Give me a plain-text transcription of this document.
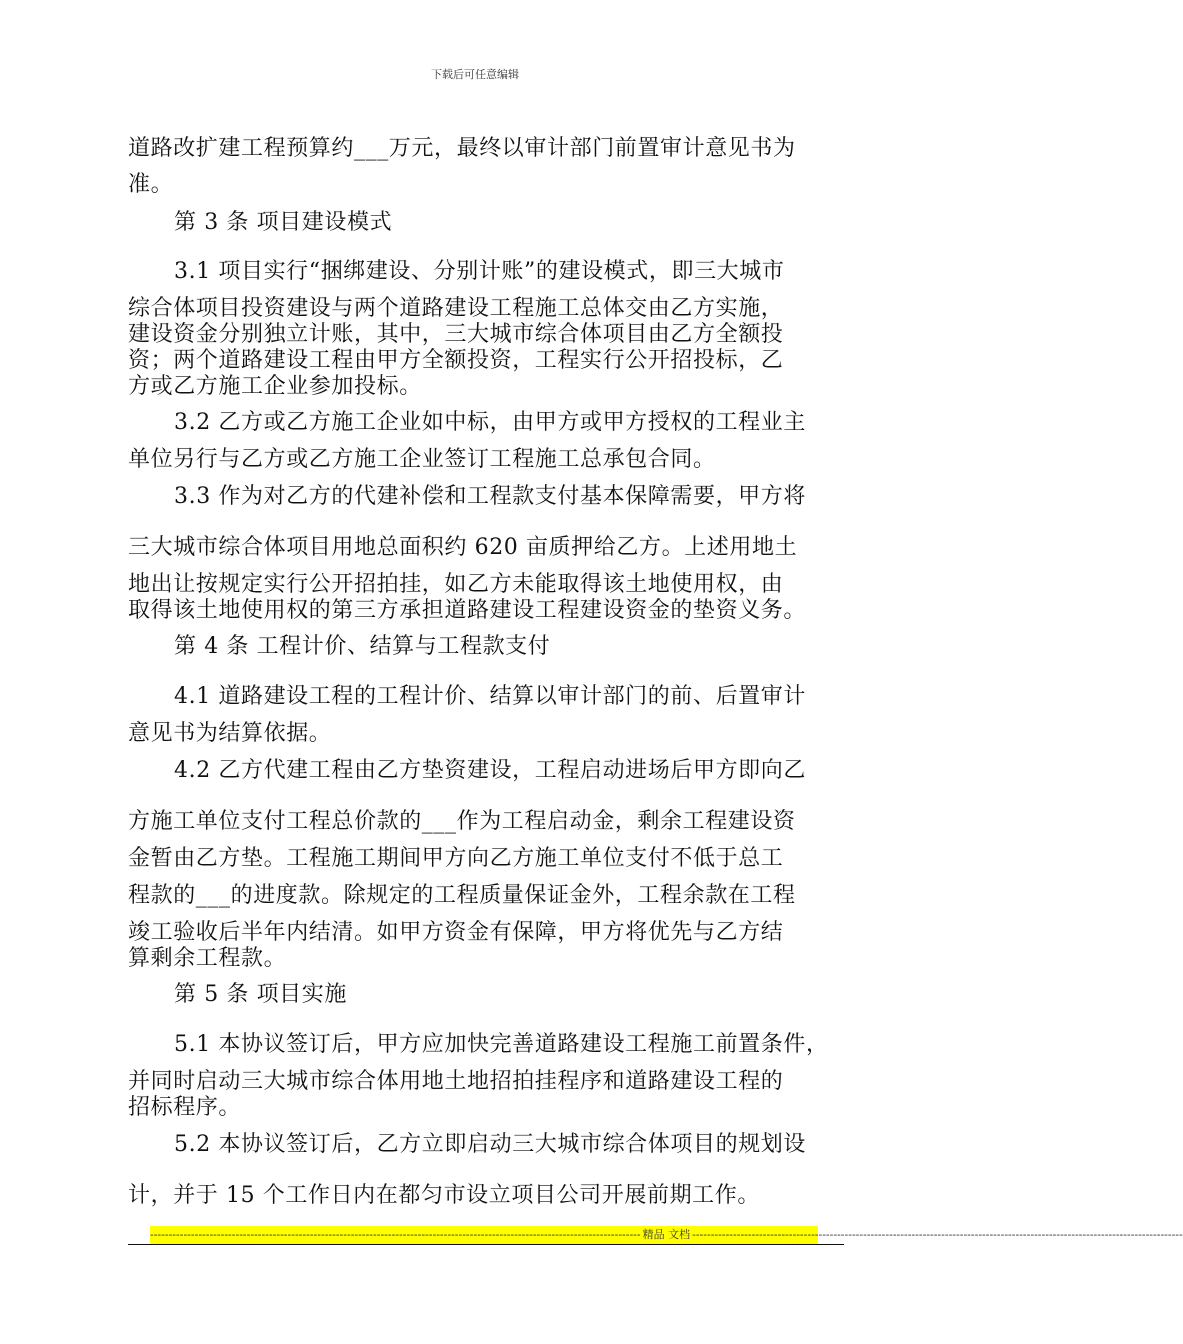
下载后可任意编辑
道路改扩建工程预算约___万元，最终以审计部门前置审计意见书为
准。
第 3 条 项目建设模式
3.1 项目实行“捆绑建设、分别计账”的建设模式，即三大城市
综合体项目投资建设与两个道路建设工程施工总体交由乙方实施，
建设资金分别独立计账，其中，三大城市综合体项目由乙方全额投
资；两个道路建设工程由甲方全额投资，工程实行公开招投标，乙
方或乙方施工企业参加投标。
3.2 乙方或乙方施工企业如中标，由甲方或甲方授权的工程业主
单位另行与乙方或乙方施工企业签订工程施工总承包合同。
3.3 作为对乙方的代建补偿和工程款支付基本保障需要，甲方将
三大城市综合体项目用地总面积约 620 亩质押给乙方。上述用地土
地出让按规定实行公开招拍挂，如乙方未能取得该土地使用权，由
取得该土地使用权的第三方承担道路建设工程建设资金的垫资义务。
第 4 条 工程计价、结算与工程款支付
4.1 道路建设工程的工程计价、结算以审计部门的前、后置审计
意见书为结算依据。
4.2 乙方代建工程由乙方垫资建设，工程启动进场后甲方即向乙
方施工单位支付工程总价款的___作为工程启动金，剩余工程建设资
金暂由乙方垫。工程施工期间甲方向乙方施工单位支付不低于总工
程款的___的进度款。除规定的工程质量保证金外，工程余款在工程
竣工验收后半年内结清。如甲方资金有保障，甲方将优先与乙方结
算剩余工程款。
第 5 条 项目实施
5.1 本协议签订后，甲方应加快完善道路建设工程施工前置条件，
并同时启动三大城市综合体用地土地招拍挂程序和道路建设工程的
招标程序。
5.2 本协议签订后，乙方立即启动三大城市综合体项目的规划设
计，并于 15 个工作日内在都匀市设立项目公司开展前期工作。
------------------------------------------------------------------------------------------------------------------------------------ 精品 文档 ------------------------------------------------------------------------------------------------------------------------------------
